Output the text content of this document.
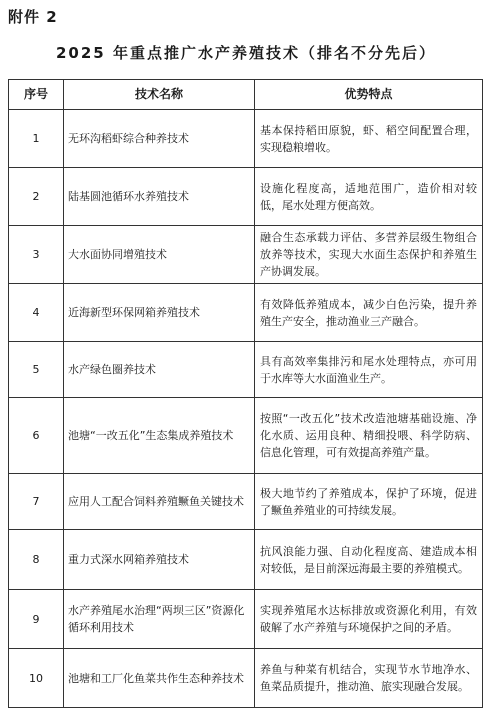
附件 2
2025 年重点推广水产养殖技术（排名不分先后）
序号	技术名称	优势特点
1	无环沟稻虾综合种养技术	基本保持稻田原貌，虾、稻空间配置合理，实现稳粮增收。
2	陆基圆池循环水养殖技术	设施化程度高，适地范围广，造价相对较低，尾水处理方便高效。
3	大水面协同增殖技术	融合生态承载力评估、多营养层级生物组合放养等技术，实现大水面生态保护和养殖生产协调发展。
4	近海新型环保网箱养殖技术	有效降低养殖成本，减少白色污染，提升养殖生产安全，推动渔业三产融合。
5	水产绿色圈养技术	具有高效率集排污和尾水处理特点，亦可用于水库等大水面渔业生产。
6	池塘“一改五化”生态集成养殖技术	按照“一改五化”技术改造池塘基础设施、净化水质、运用良种、精细投喂、科学防病、信息化管理，可有效提高养殖产量。
7	应用人工配合饲料养殖鳜鱼关键技术	极大地节约了养殖成本，保护了环境，促进了鳜鱼养殖业的可持续发展。
8	重力式深水网箱养殖技术	抗风浪能力强、自动化程度高、建造成本相对较低，是目前深远海最主要的养殖模式。
9	水产养殖尾水治理“两坝三区”资源化循环利用技术	实现养殖尾水达标排放或资源化利用，有效破解了水产养殖与环境保护之间的矛盾。
10	池塘和工厂化鱼菜共作生态种养技术	养鱼与种菜有机结合，实现节水节地净水、鱼菜品质提升，推动渔、旅实现融合发展。
